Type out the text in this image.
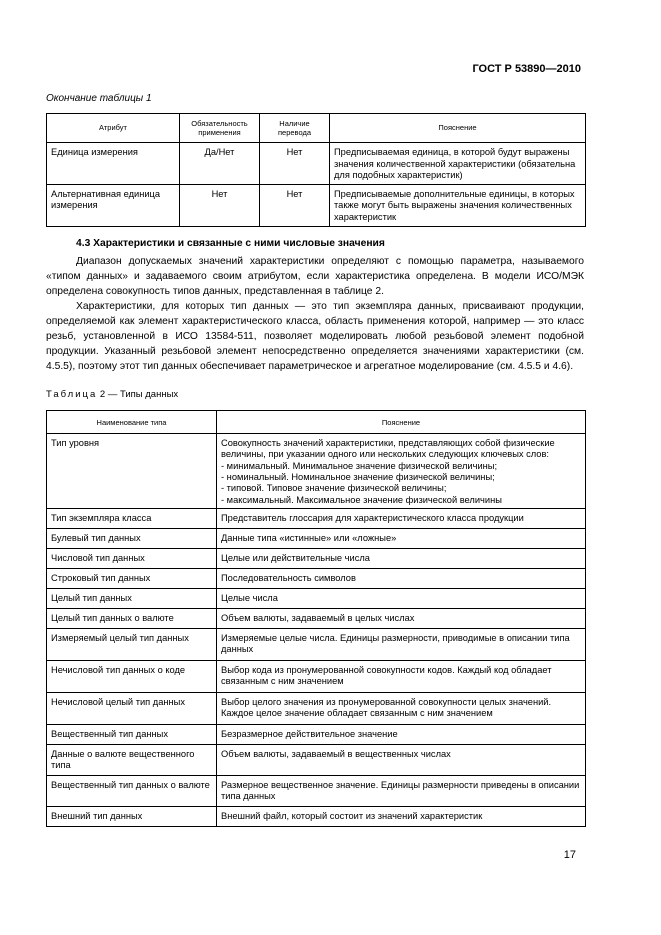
ГОСТ Р 53890—2010
Окончание таблицы 1
Атрибут	Обязательность применения	Наличие перевода	Пояснение
Единица измерения	Да/Нет	Нет	Предписываемая единица, в которой будут выражены значения количественной характеристики (обязательна для подобных характеристик)
Альтернативная единица измерения	Нет	Нет	Предписываемые дополнительные единицы, в которых также могут быть выражены значения количественных характеристик
4.3 Характеристики и связанные с ними числовые значения

Диапазон допускаемых значений характеристики определяют с помощью параметра, называемого «типом данных» и задаваемого своим атрибутом, если характеристика определена. В модели ИСО/МЭК определена совокупность типов данных, представленная в таблице 2.

Характеристики, для которых тип данных — это тип экземпляра данных, присваивают продукции, определяемой как элемент характеристического класса, область применения которой, например — это класс резьб, установленной в ИСО 13584-511, позволяет моделировать любой резьбовой элемент подобной продукции. Указанный резьбовой элемент непосредственно определяется значениями характеристики (см. 4.5.5), поэтому этот тип данных обеспечивает параметрическое и агрегатное моделирование (см. 4.5.5 и 4.6).

Таблица 2 — Типы данных
Наименование типа	Пояснение
Тип уровня	Совокупность значений характеристики, представляющих собой физические величины, при указании одного или нескольких следующих ключевых слов:
- минимальный. Минимальное значение физической величины;
- номинальный. Номинальное значение физической величины;
- типовой. Типовое значение физической величины;
- максимальный. Максимальное значение физической величины
Тип экземпляра класса	Представитель глоссария для характеристического класса продукции
Булевый тип данных	Данные типа «истинные» или «ложные»
Числовой тип данных	Целые или действительные числа
Строковый тип данных	Последовательность символов
Целый тип данных	Целые числа
Целый тип данных о валюте	Объем валюты, задаваемый в целых числах
Измеряемый целый тип данных	Измеряемые целые числа. Единицы размерности, приводимые в описании типа данных
Нечисловой тип данных о коде	Выбор кода из пронумерованной совокупности кодов. Каждый код обладает связанным с ним значением
Нечисловой целый тип данных	Выбор целого значения из пронумерованной совокупности целых значений. Каждое целое значение обладает связанным с ним значением
Вещественный тип данных	Безразмерное действительное значение
Данные о валюте вещественного типа	Объем валюты, задаваемый в вещественных числах
Вещественный тип данных о валюте	Размерное вещественное значение. Единицы размерности приведены в описании типа данных
Внешний тип данных	Внешний файл, который состоит из значений характеристик
17
